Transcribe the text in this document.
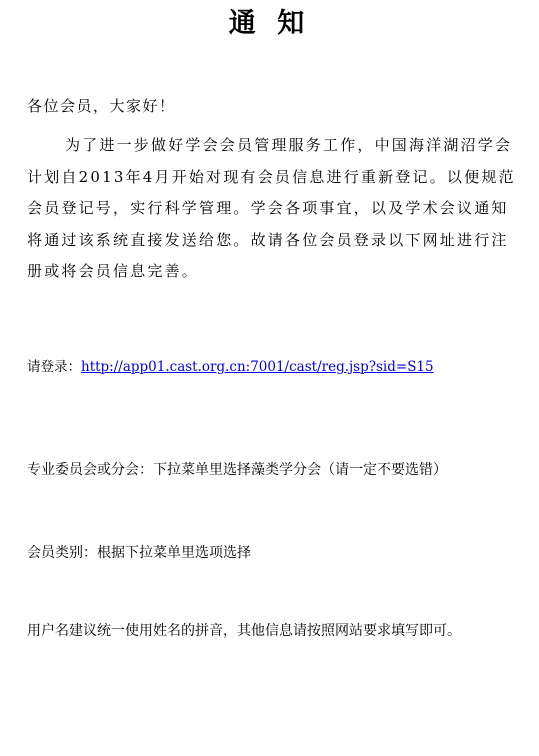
通 知

各位会员，大家好！

为了进一步做好学会会员管理服务工作，中国海洋湖沼学会计划自2013年4月开始对现有会员信息进行重新登记。以便规范会员登记号，实行科学管理。学会各项事宜，以及学术会议通知将通过该系统直接发送给您。故请各位会员登录以下网址进行注册或将会员信息完善。

请登录：http://app01.cast.org.cn:7001/cast/reg.jsp?sid=S15

专业委员会或分会：下拉菜单里选择藻类学分会（请一定不要选错）

会员类别：根据下拉菜单里选项选择

用户名建议统一使用姓名的拼音，其他信息请按照网站要求填写即可。
